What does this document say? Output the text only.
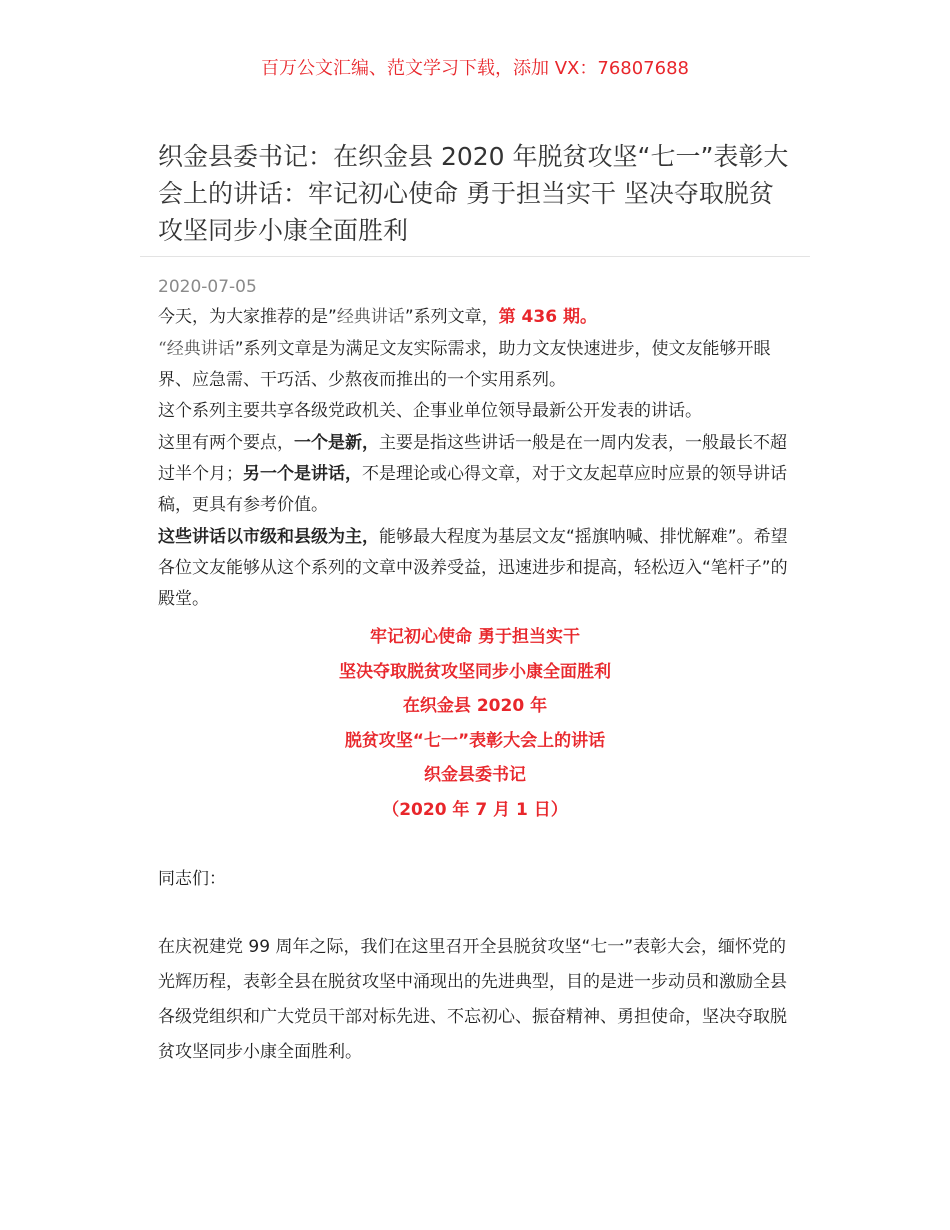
百万公文汇编、范文学习下载，添加 VX：76807688
织金县委书记：在织金县 2020 年脱贫攻坚“七一”表彰大会上的讲话：牢记初心使命 勇于担当实干 坚决夺取脱贫攻坚同步小康全面胜利
2020-07-05

今天，为大家推荐的是”经典讲话”系列文章，第 436 期。

“经典讲话”系列文章是为满足文友实际需求，助力文友快速进步，使文友能够开眼界、应急需、干巧活、少熬夜而推出的一个实用系列。

这个系列主要共享各级党政机关、企事业单位领导最新公开发表的讲话。

这里有两个要点，一个是新，主要是指这些讲话一般是在一周内发表，一般最长不超过半个月；另一个是讲话，不是理论或心得文章，对于文友起草应时应景的领导讲话稿，更具有参考价值。

这些讲话以市级和县级为主，能够最大程度为基层文友“摇旗呐喊、排忧解难”。希望各位文友能够从这个系列的文章中汲养受益，迅速进步和提高，轻松迈入“笔杆子”的殿堂。

牢记初心使命 勇于担当实干
坚决夺取脱贫攻坚同步小康全面胜利
在织金县 2020 年
脱贫攻坚“七一”表彰大会上的讲话
织金县委书记
（2020 年 7 月 1 日）
同志们：

在庆祝建党 99 周年之际，我们在这里召开全县脱贫攻坚“七一”表彰大会，缅怀党的光辉历程，表彰全县在脱贫攻坚中涌现出的先进典型，目的是进一步动员和激励全县各级党组织和广大党员干部对标先进、不忘初心、振奋精神、勇担使命，坚决夺取脱贫攻坚同步小康全面胜利。
